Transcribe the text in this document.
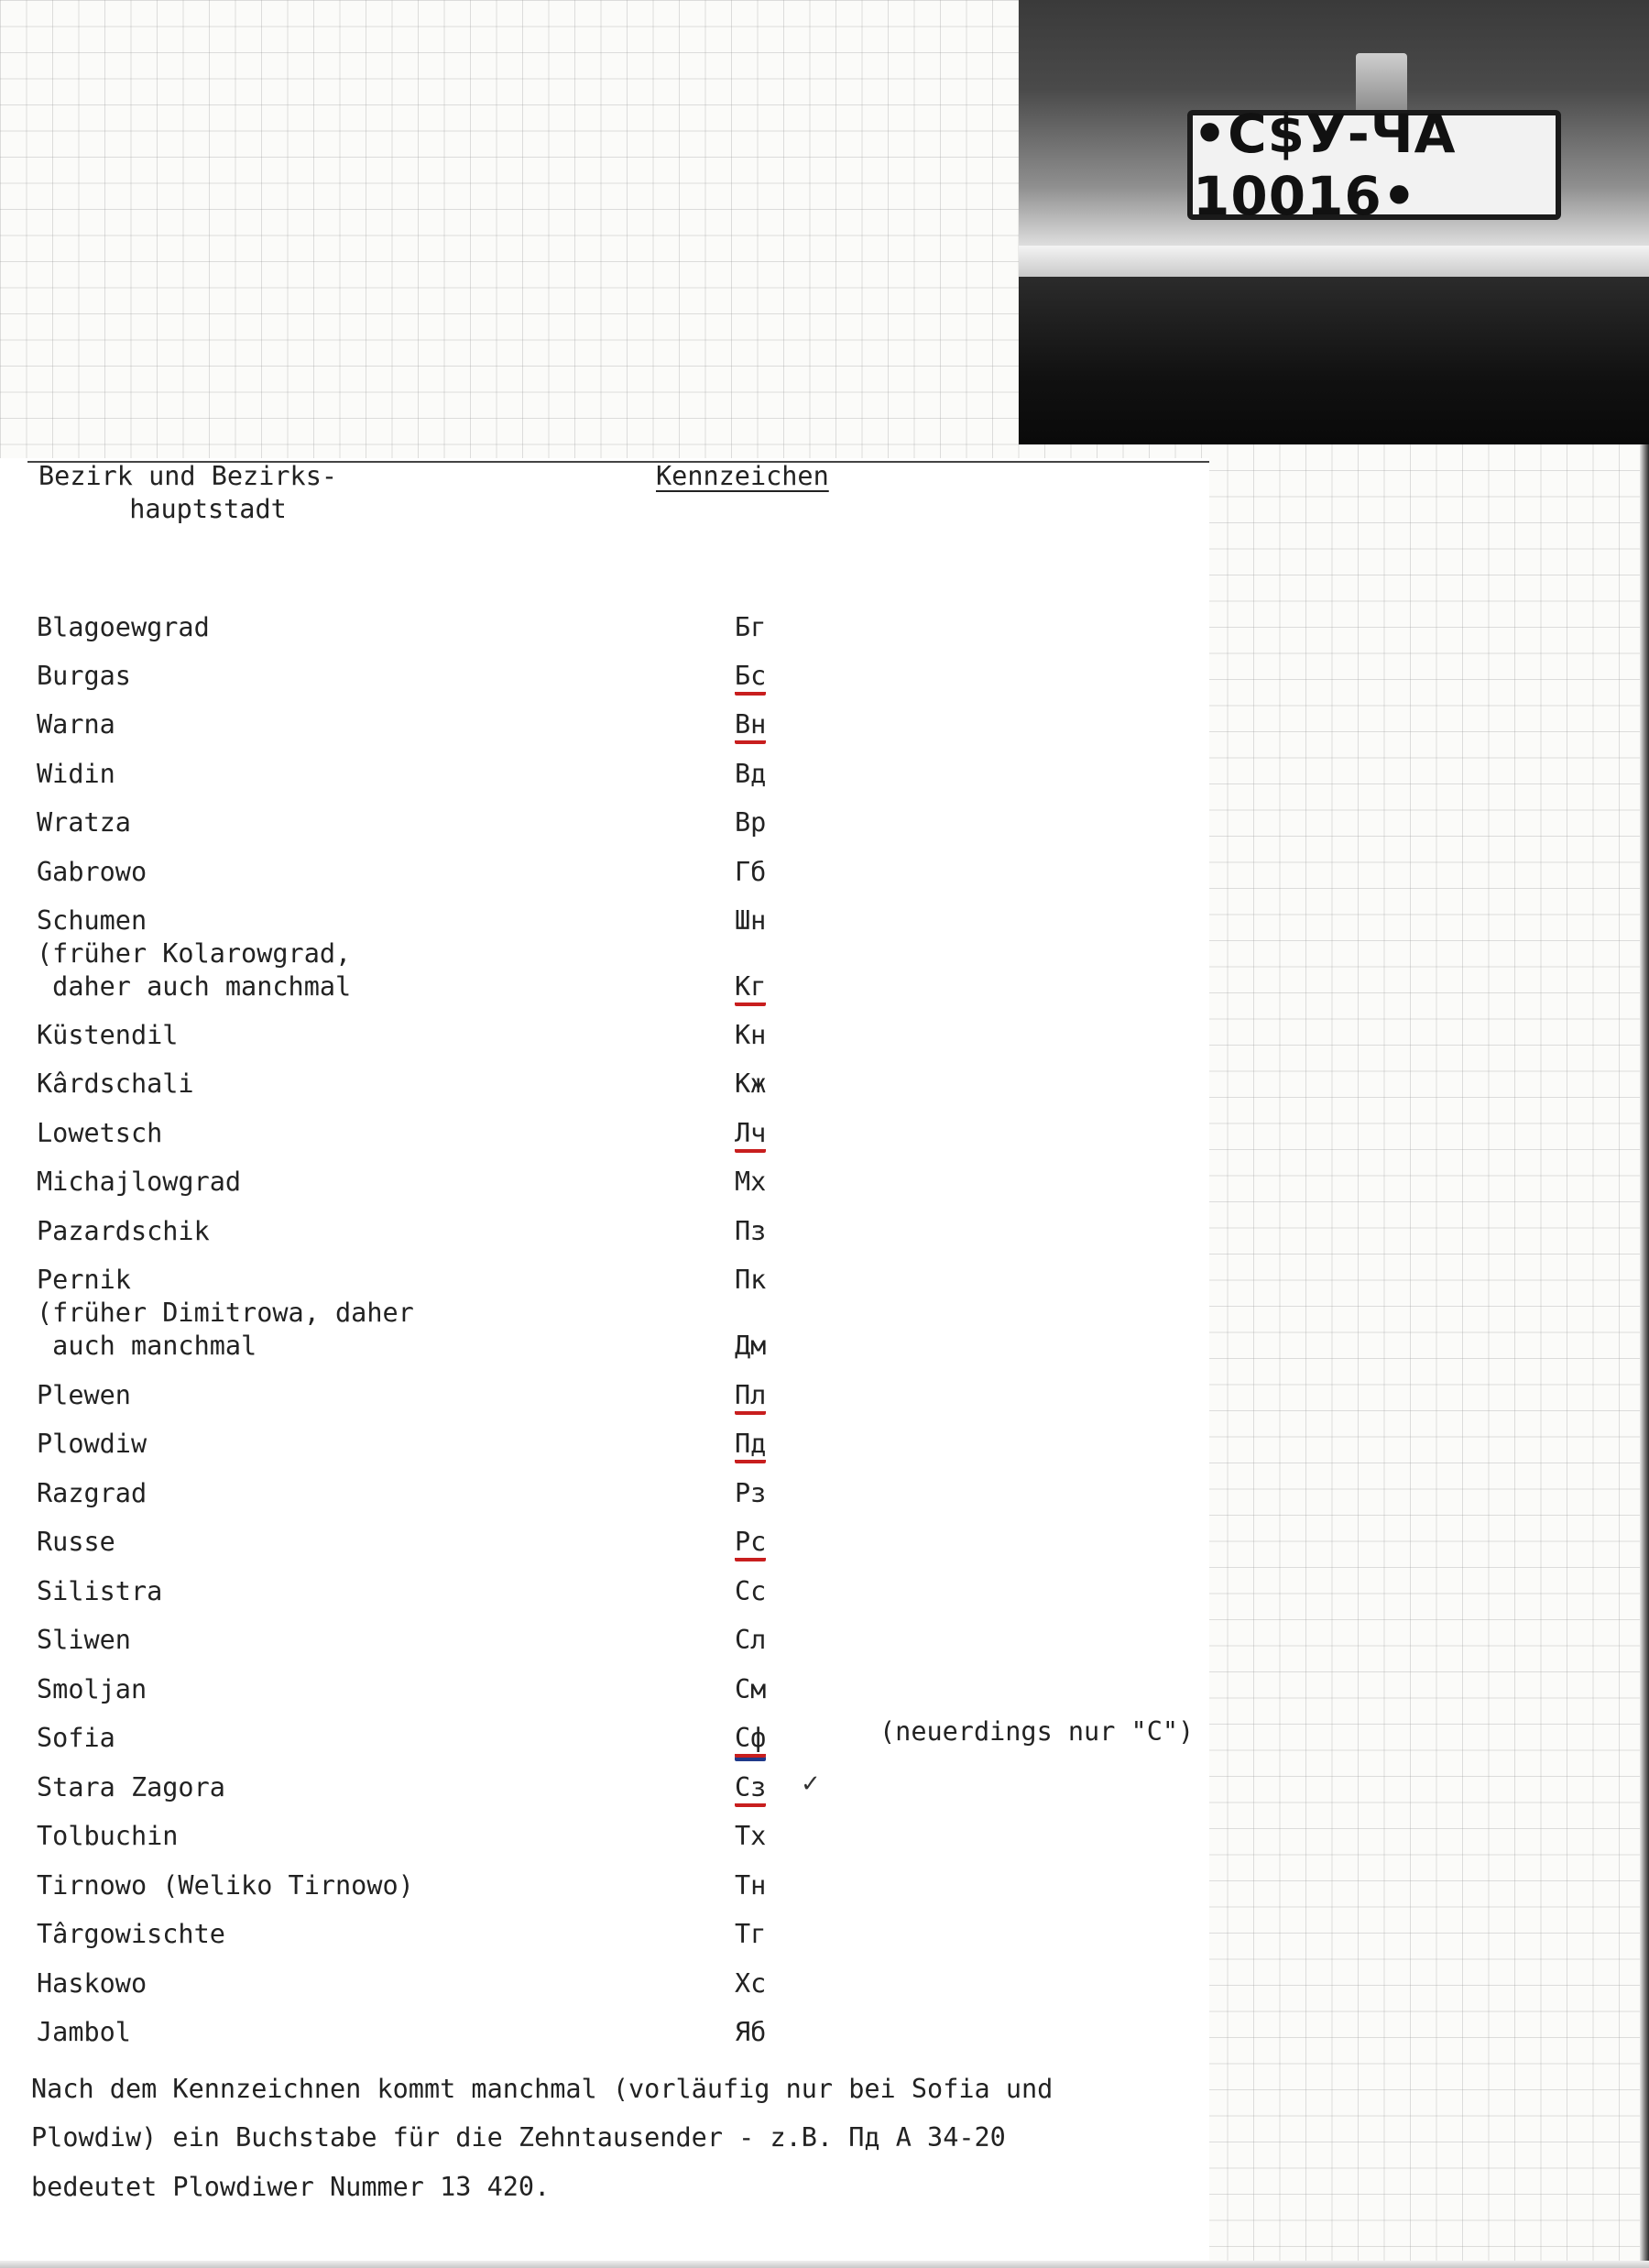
•С$У-ЧА 10016•
Bezirk und Bezirks-
hauptstadt
Kennzeichen
Blagoewgrad	Бг
Burgas	Бс
Warna	Вн
Widin	Вд
Wratza	Вр
Gabrowo	Гб
Schumen	Шн
(früher Kolarowgrad,
daher auch manchmal	Кг
Küstendil	Кн
Kârdschali	Кж
Lowetsch	Лч
Michajlowgrad	Мх
Pazardschik	Пз
Pernik	Пк
(früher Dimitrowa, daher
auch manchmal	Дм
Plewen	Пл
Plowdiw	Пд
Razgrad	Рз
Russe	Рс
Silistra	Сс
Sliwen	Сл
Smoljan	См
Sofia	Сф
Stara Zagora	Сз
Tolbuchin	Тх
Tirnowo (Weliko Tirnowo)	Тн
Târgowischte	Тг
Haskowo	Хс
Jambol	Яб
(neuerdings nur "С")
✓
Nach dem Kennzeichnen kommt manchmal (vorläufig nur bei Sofia und
Plowdiw) ein Buchstabe für die Zehntausender - z.B. Пд А 34-20
bedeutet Plowdiwer Nummer 13 420.
